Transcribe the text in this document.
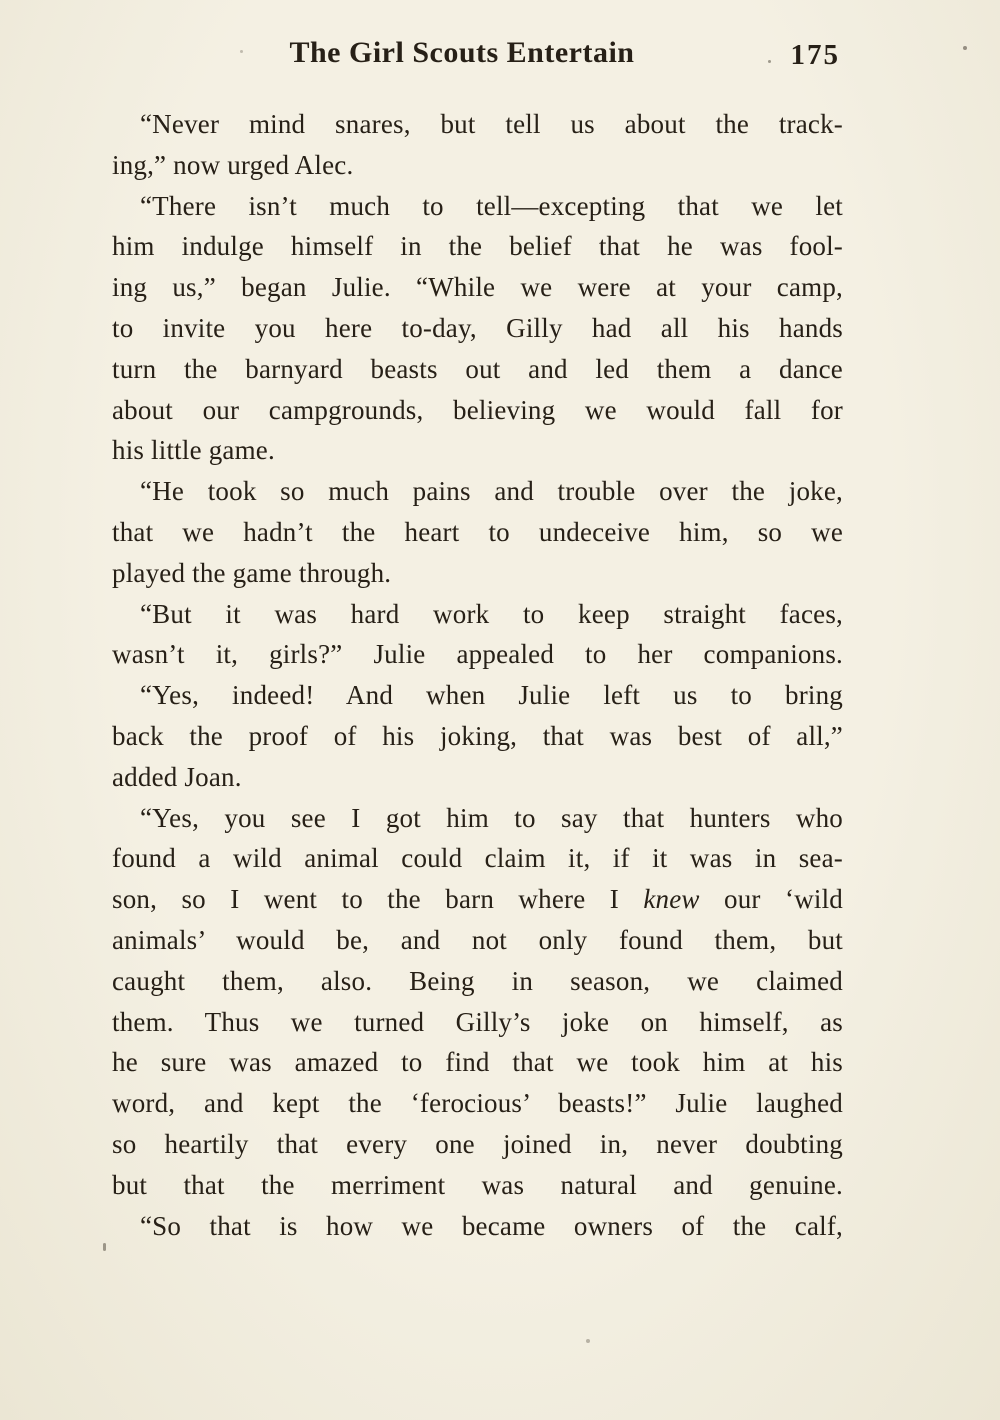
The Girl Scouts Entertain	175

“Never mind snares, but tell us about the track-
ing,” now urged Alec.

“There isn’t much to tell—excepting that we let
him indulge himself in the belief that he was fool-
ing us,” began Julie. “While we were at your camp,
to invite you here to-day, Gilly had all his hands
turn the barnyard beasts out and led them a dance
about our campgrounds, believing we would fall for
his little game.

“He took so much pains and trouble over the joke,
that we hadn’t the heart to undeceive him, so we
played the game through.

“But it was hard work to keep straight faces,
wasn’t it, girls?” Julie appealed to her companions.

“Yes, indeed! And when Julie left us to bring
back the proof of his joking, that was best of all,”
added Joan.

“Yes, you see I got him to say that hunters who
found a wild animal could claim it, if it was in sea-
son, so I went to the barn where I knew our ‘wild
animals’ would be, and not only found them, but
caught them, also. Being in season, we claimed
them. Thus we turned Gilly’s joke on himself, as
he sure was amazed to find that we took him at his
word, and kept the ‘ferocious’ beasts!” Julie laughed
so heartily that every one joined in, never doubting
but that the merriment was natural and genuine.

“So that is how we became owners of the calf,
